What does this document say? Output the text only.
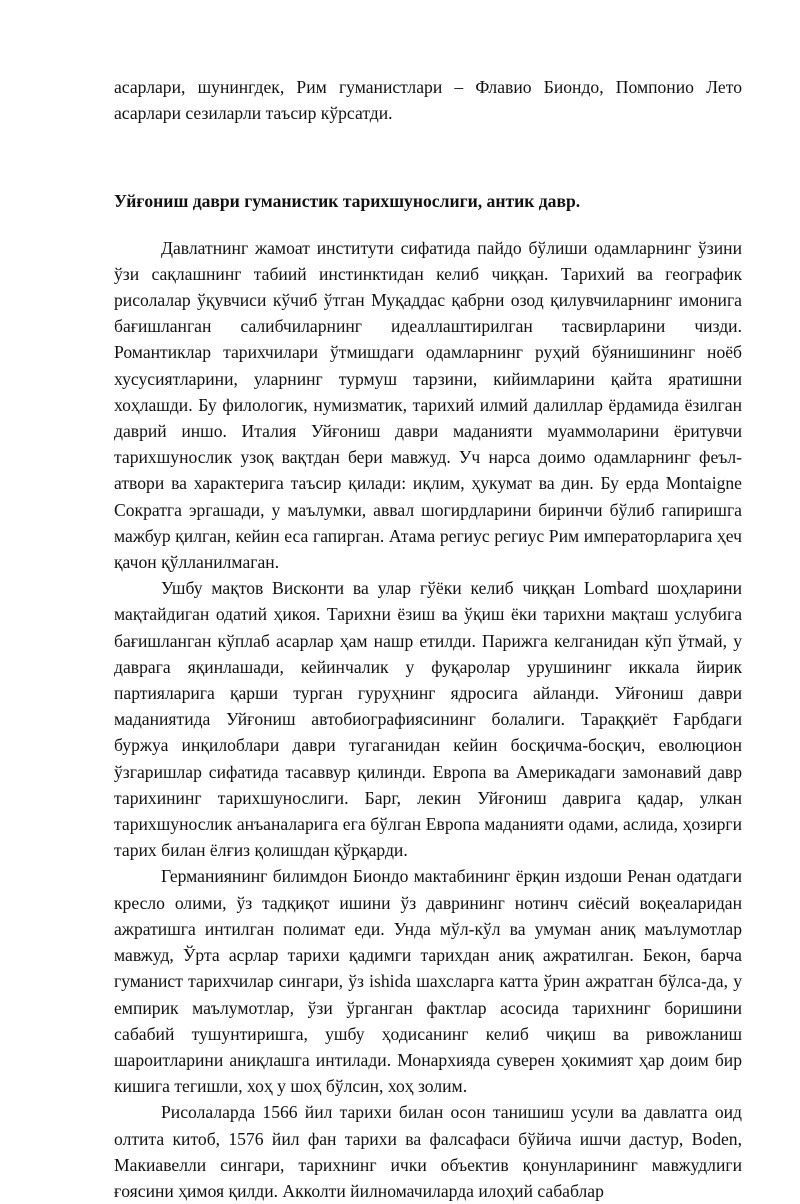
асарлари, шунингдек, Рим гуманистлари – Флавио Биондо, Помпонио Лето асарлари сезиларли таъсир кўрсатди.

Уйғониш даври гуманистик тарихшунослиги, антик давр.

Давлатнинг жамоат институти сифатида пайдо бўлиши одамларнинг ўзини ўзи сақлашнинг табиий инстинктидан келиб чиққан. Тарихий ва географик рисолалар ўқувчиси кўчиб ўтган Муқаддас қабрни озод қилувчиларнинг имонига бағишланган салибчиларнинг идеаллаштирилган тасвирларини чизди. Романтиклар тарихчилари ўтмишдаги одамларнинг руҳий бўянишининг ноёб хусусиятларини, уларнинг турмуш тарзини, кийимларини қайта яратишни хоҳлашди. Бу филологик, нумизматик, тарихий илмий далиллар ёрдамида ёзилган даврий иншо. Италия Уйғониш даври маданияти муаммоларини ёритувчи тарихшунослик узоқ вақтдан бери мавжуд. Уч нарса доимо одамларнинг феъл-атвори ва характерига таъсир қилади: иқлим, ҳукумат ва дин. Бу ерда Montaigne Сократга эргашади, у маълумки, аввал шогирдларини биринчи бўлиб гапиришга мажбур қилган, кейин еса гапирган. Атама региус региус Рим императорларига ҳеч қачон қўлланилмаган.

Ушбу мақтов Висконти ва улар гўёки келиб чиққан Lombard шоҳларини мақтайдиган одатий ҳикоя. Тарихни ёзиш ва ўқиш ёки тарихни мақташ услубига бағишланган кўплаб асарлар ҳам нашр етилди. Парижга келганидан кўп ўтмай, у даврага яқинлашади, кейинчалик у фуқаролар урушининг иккала йирик партияларига қарши турган гуруҳнинг ядросига айланди. Уйғониш даври маданиятида Уйғониш автобиографиясининг болалиги. Тараққиёт Ғарбдаги буржуа инқилоблари даври тугаганидан кейин босқичма-босқич, еволюцион ўзгаришлар сифатида тасаввур қилинди. Европа ва Америкадаги замонавий давр тарихининг тарихшунослиги. Барг, лекин Уйғониш даврига қадар, улкан тарихшунослик анъаналарига ега бўлган Европа маданияти одами, аслида, ҳозирги тарих билан ёлғиз қолишдан қўрқарди.

Германиянинг билимдон Биондо мактабининг ёрқин издоши Ренан одатдаги кресло олими, ўз тадқиқот ишини ўз даврининг нотинч сиёсий воқеаларидан ажратишга интилган полимат еди. Унда мўл-кўл ва умуман аниқ маълумотлар мавжуд, Ўрта асрлар тарихи қадимги тарихдан аниқ ажратилган. Бекон, барча гуманист тарихчилар сингари, ўз ishida шахсларга катта ўрин ажратган бўлса-да, у емпирик маълумотлар, ўзи ўрганган фактлар асосида тарихнинг боришини сабабий тушунтиришга, ушбу ҳодисанинг келиб чиқиш ва ривожланиш шароитларини аниқлашга интилади. Монархияда суверен ҳокимият ҳар доим бир кишига тегишли, хоҳ у шоҳ бўлсин, хоҳ золим.

Рисолаларда 1566 йил тарихи билан осон танишиш усули ва давлатга оид олтита китоб, 1576 йил фан тарихи ва фалсафаси бўйича ишчи дастур, Boden, Макиавелли сингари, тарихнинг ички объектив қонунларининг мавжудлиги ғоясини ҳимоя қилди. Акколти йилномачиларда илоҳий сабаблар
